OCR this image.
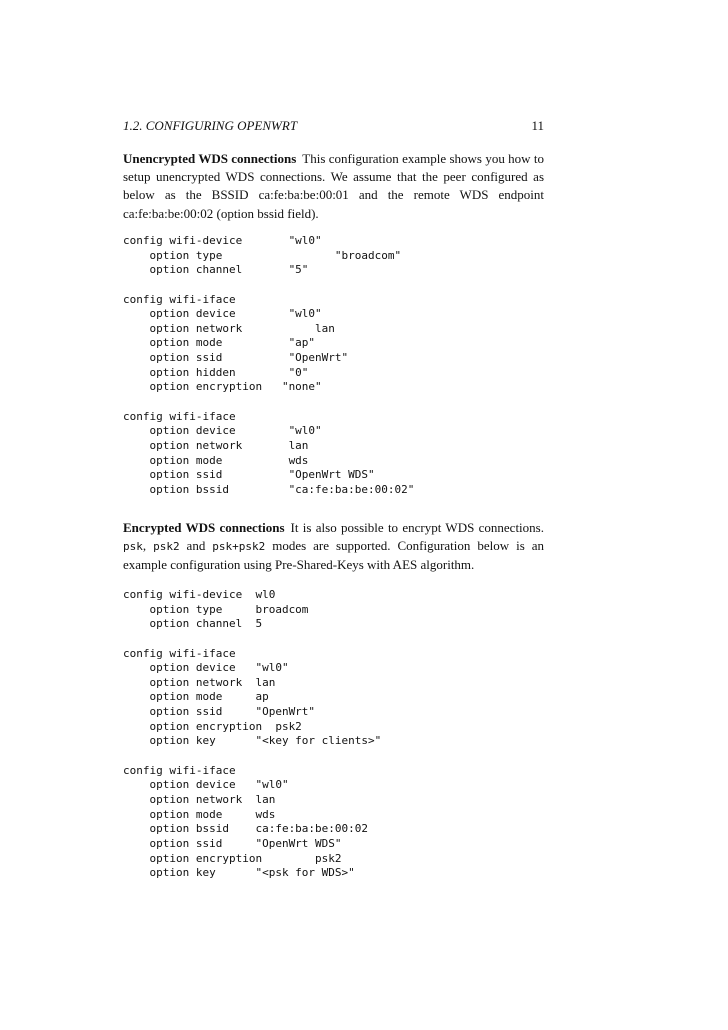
1.2. CONFIGURING OPENWRT	11

Unencrypted WDS connections This configuration example shows you how to setup unencrypted WDS connections. We assume that the peer configured as below as the BSSID ca:fe:ba:be:00:01 and the remote WDS endpoint ca:fe:ba:be:00:02 (option bssid field).

config wifi-device       "wl0"
option type                 "broadcom"
option channel       "5"
config wifi-iface
option device        "wl0"
option network           lan
option mode          "ap"
option ssid          "OpenWrt"
option hidden        "0"
option encryption   "none"
config wifi-iface
option device        "wl0"
option network       lan
option mode          wds
option ssid          "OpenWrt WDS"
option bssid         "ca:fe:ba:be:00:02"

Encrypted WDS connections It is also possible to encrypt WDS connections. psk, psk2 and psk+psk2 modes are supported. Configuration below is an example configuration using Pre-Shared-Keys with AES algorithm.

config wifi-device  wl0
option type     broadcom
option channel  5
config wifi-iface
option device   "wl0"
option network  lan
option mode     ap
option ssid     "OpenWrt"
option encryption  psk2
option key      "<key for clients>"
config wifi-iface
option device   "wl0"
option network  lan
option mode     wds
option bssid    ca:fe:ba:be:00:02
option ssid     "OpenWrt WDS"
option encryption        psk2
option key      "<psk for WDS>"
